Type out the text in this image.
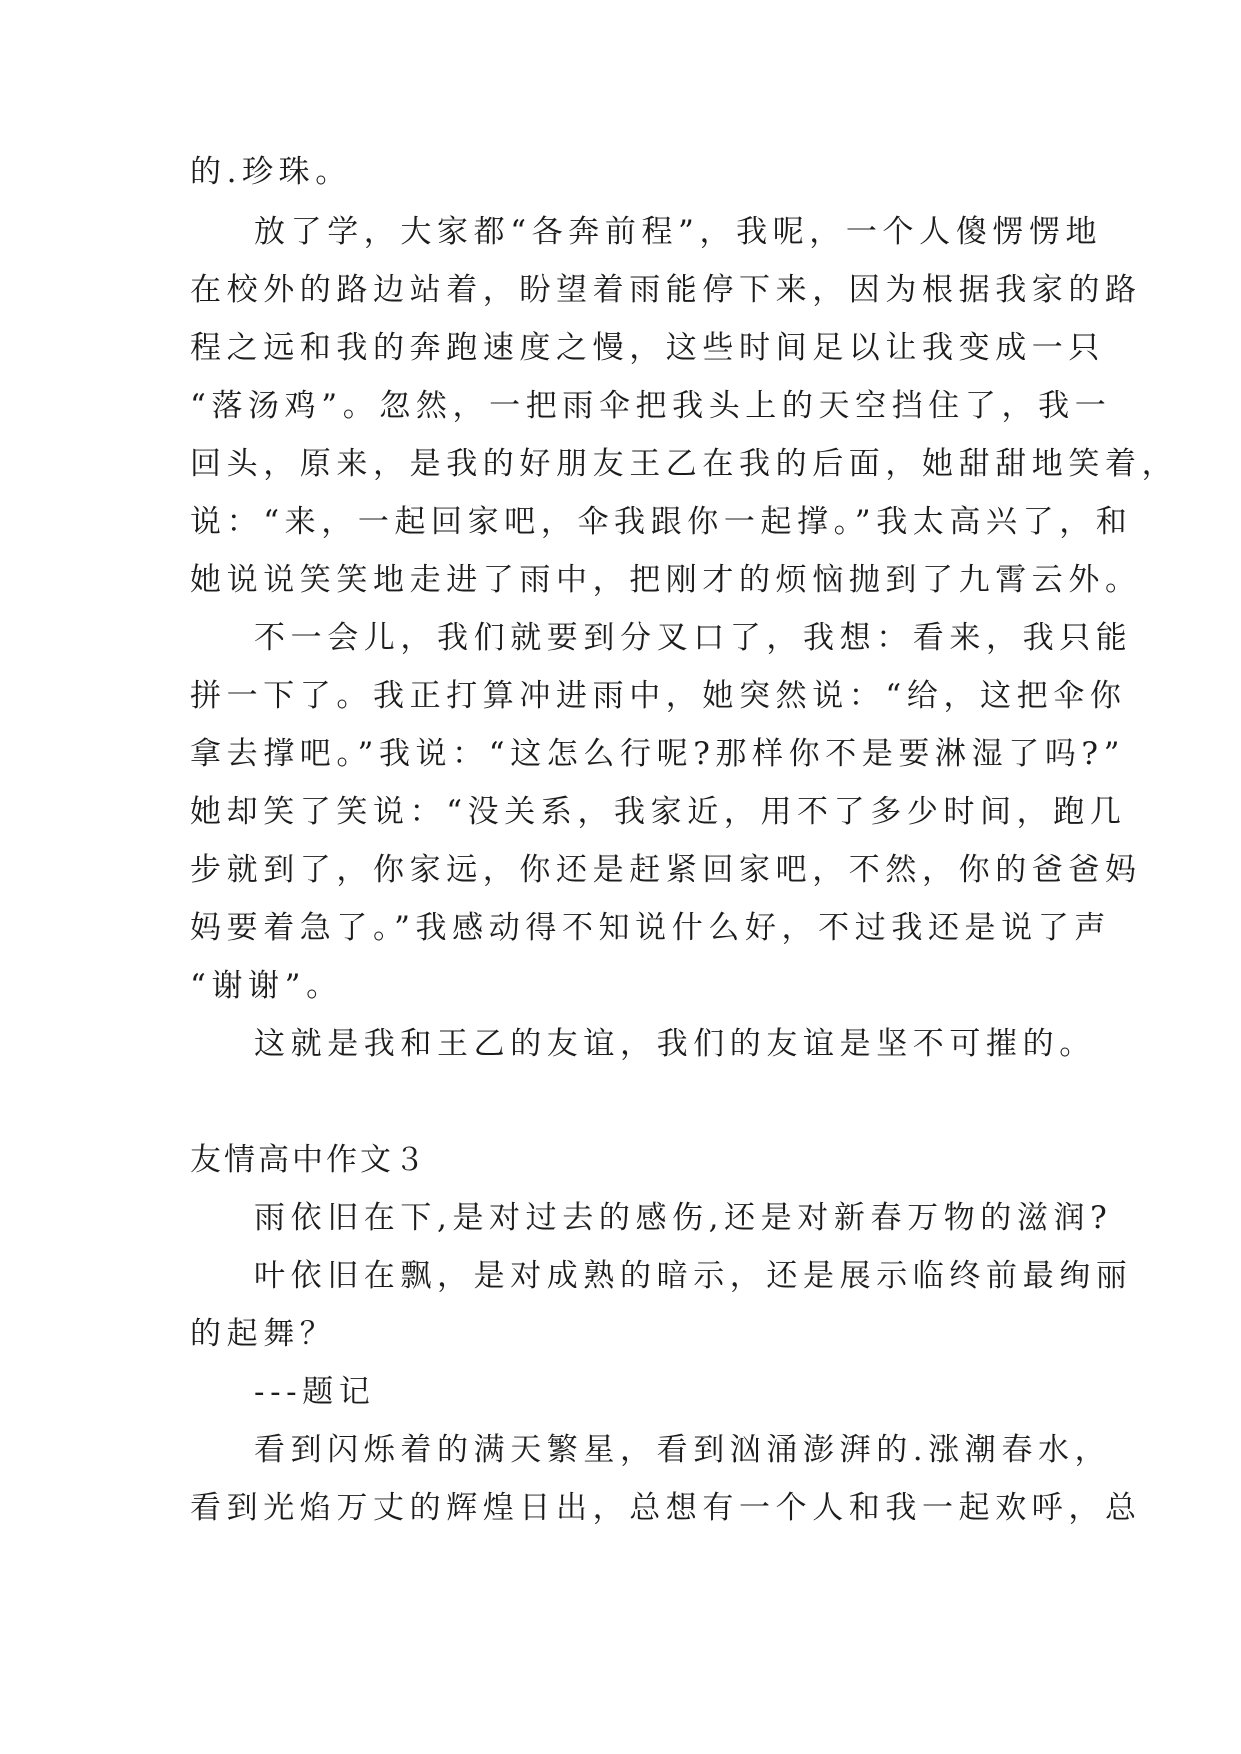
的.珍珠。
放了学，大家都“各奔前程”，我呢，一个人傻愣愣地
在校外的路边站着，盼望着雨能停下来，因为根据我家的路
程之远和我的奔跑速度之慢，这些时间足以让我变成一只
“落汤鸡”。忽然，一把雨伞把我头上的天空挡住了，我一
回头，原来，是我的好朋友王乙在我的后面，她甜甜地笑着，
说：“来，一起回家吧，伞我跟你一起撑。”我太高兴了，和
她说说笑笑地走进了雨中，把刚才的烦恼抛到了九霄云外。
不一会儿，我们就要到分叉口了，我想：看来，我只能
拼一下了。我正打算冲进雨中，她突然说：“给，这把伞你
拿去撑吧。”我说：“这怎么行呢?那样你不是要淋湿了吗?”
她却笑了笑说：“没关系，我家近，用不了多少时间，跑几
步就到了，你家远，你还是赶紧回家吧，不然，你的爸爸妈
妈要着急了。”我感动得不知说什么好，不过我还是说了声
“谢谢”。
这就是我和王乙的友谊，我们的友谊是坚不可摧的。
友情高中作文３
雨依旧在下,是对过去的感伤,还是对新春万物的滋润?
叶依旧在飘，是对成熟的暗示，还是展示临终前最绚丽
的起舞？
---题记
看到闪烁着的满天繁星，看到汹涌澎湃的.涨潮春水，
看到光焰万丈的辉煌日出，总想有一个人和我一起欢呼，总
